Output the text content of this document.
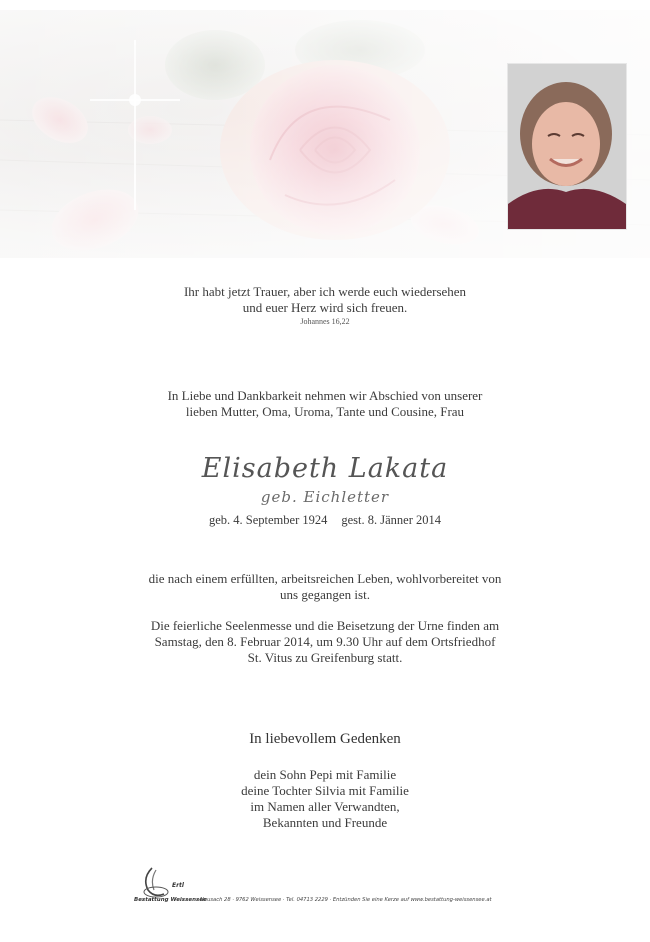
Ihr habt jetzt Trauer, aber ich werde euch wiedersehen
und euer Herz wird sich freuen.
Johannes 16,22
In Liebe und Dankbarkeit nehmen wir Abschied von unserer
lieben Mutter, Oma, Uroma, Tante und Cousine, Frau
Elisabeth Lakata
geb. Eichletter
geb. 4. September 1924 gest. 8. Jänner 2014
die nach einem erfüllten, arbeitsreichen Leben, wohlvorbereitet von
uns gegangen ist.
Die feierliche Seelenmesse und die Beisetzung der Urne finden am
Samstag, den 8. Februar 2014, um 9.30 Uhr auf dem Ortsfriedhof
St. Vitus zu Greifenburg statt.
In liebevollem Gedenken
dein Sohn Pepi mit Familie
deine Tochter Silvia mit Familie
im Namen aller Verwandten,
Bekannten und Freunde
Ertl
Bestattung Weissensee
Neusach 28 · 9762 Weissensee · Tel. 04713 2229 · Entzünden Sie eine Kerze auf www.bestattung-weissensee.at
